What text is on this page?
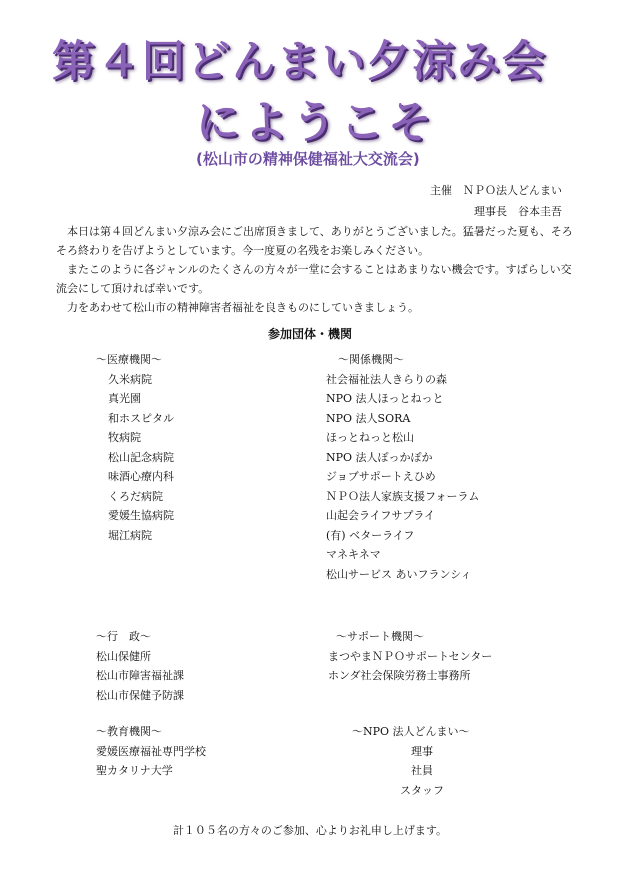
第４回どんまい夕涼み会
にようこそ
(松山市の精神保健福祉大交流会)
主催　ＮＰＯ法人どんまい
理事長　谷本圭吾

本日は第４回どんまい夕涼み会にご出席頂きまして、ありがとうございました。猛暑だった夏も、そろそろ終わりを告げようとしています。今一度夏の名残をお楽しみください。

またこのように各ジャンルのたくさんの方々が一堂に会することはあまりない機会です。すばらしい交流会にして頂ければ幸いです。

力をあわせて松山市の精神障害者福祉を良きものにしていきましょう。

参加団体・機関
～医療機関～
久米病院
真光園
和ホスピタル
牧病院
松山記念病院
味酒心療内科
くろだ病院
愛媛生協病院
堀江病院
～関係機関～
社会福祉法人きらりの森
NPO 法人ほっとねっと
NPO 法人SORA
ほっとねっと松山
NPO 法人ぽっかぽか
ジョブサポートえひめ
ＮＰＯ法人家族支援フォーラム
山起会ライフサプライ
(有) ベターライフ
マネキネマ
松山サービス あいフランシィ
～行　政～
松山保健所
松山市障害福祉課
松山市保健予防課
～サポート機関～
まつやまＮＰＯサポートセンター
ホンダ社会保険労務士事務所
～教育機関～
愛媛医療福祉専門学校
聖カタリナ大学
～NPO 法人どんまい～
理事
社員
スタッフ
計１０５名の方々のご参加、心よりお礼申し上げます。
